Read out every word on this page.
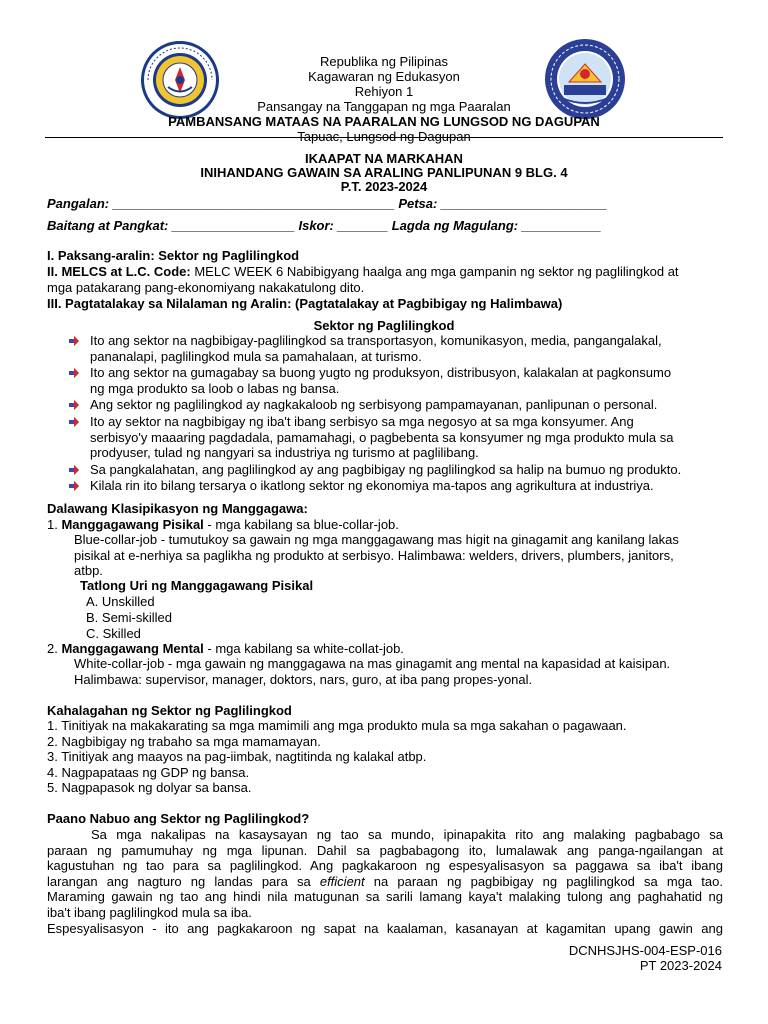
Republika ng Pilipinas
Kagawaran ng Edukasyon
Rehiyon 1
Pansangay na Tanggapan ng mga Paaralan
PAMBANSANG MATAAS NA PAARALAN NG LUNGSOD NG DAGUPAN
Tapuac, Lungsod ng Dagupan
IKAAPAT NA MARKAHAN
INIHANDANG GAWAIN SA ARALING PANLIPUNAN 9 BLG. 4
P.T. 2023-2024
Pangalan: _______________________________________ Petsa: _______________________
Baitang at Pangkat: _________________ Iskor: _______ Lagda ng Magulang: ___________
I. Paksang-aralin: Sektor ng Paglilingkod
II. MELCS at L.C. Code: MELC WEEK 6 Nabibigyang haalga ang mga gampanin ng sektor ng paglilingkod at
mga patakarang pang-ekonomiyang nakakatulong dito.
III. Pagtatalakay sa Nilalaman ng Aralin: (Pagtatalakay at Pagbibigay ng Halimbawa)
Sektor ng Paglilingkod
Ito ang sektor na nagbibigay-paglilingkod sa transportasyon, komunikasyon, media, pangangalakal,
pananalapi, paglilingkod mula sa pamahalaan, at turismo.
Ito ang sektor na gumagabay sa buong yugto ng produksyon, distribusyon, kalakalan at pagkonsumo
ng mga produkto sa loob o labas ng bansa.
Ang sektor ng paglilingkod ay nagkakaloob ng serbisyong pampamayanan, panlipunan o personal.
Ito ay sektor na nagbibigay ng iba't ibang serbisyo sa mga negosyo at sa mga konsyumer. Ang
serbisyo'y maaaring pagdadala, pamamahagi, o pagbebenta sa konsyumer ng mga produkto mula sa
prodyuser, tulad ng nangyari sa industriya ng turismo at paglilibang.
Sa pangkalahatan, ang paglilingkod ay ang pagbibigay ng paglilingkod sa halip na bumuo ng produkto.
Kilala rin ito bilang tersarya o ikatlong sektor ng ekonomiya ma-tapos ang agrikultura at industriya.
Dalawang Klasipikasyon ng Manggagawa:
1. Manggagawang Pisikal - mga kabilang sa blue-collar-job.
Blue-collar-job - tumutukoy sa gawain ng mga manggagawang mas higit na ginagamit ang kanilang lakas
pisikal at e-nerhiya sa paglikha ng produkto at serbisyo. Halimbawa: welders, drivers, plumbers, janitors,
atbp.
Tatlong Uri ng Manggagawang Pisikal
A. Unskilled
B. Semi-skilled
C. Skilled
2. Manggagawang Mental - mga kabilang sa white-collat-job.
White-collar-job - mga gawain ng manggagawa na mas ginagamit ang mental na kapasidad at kaisipan.
Halimbawa: supervisor, manager, doktors, nars, guro, at iba pang propes-yonal.
Kahalagahan ng Sektor ng Paglilingkod
1. Tinitiyak na makakarating sa mga mamimili ang mga produkto mula sa mga sakahan o pagawaan.
2. Nagbibigay ng trabaho sa mga mamamayan.
3. Tinitiyak ang maayos na pag-iimbak, nagtitinda ng kalakal atbp.
4. Nagpapataas ng GDP ng bansa.
5. Nagpapasok ng dolyar sa bansa.
Paano Nabuo ang Sektor ng Paglilingkod?
Sa mga nakalipas na kasaysayan ng tao sa mundo, ipinapakita rito ang malaking pagbabago sa
paraan ng pamumuhay ng mga lipunan. Dahil sa pagbabagong ito, lumalawak ang panga-ngailangan at
kagustuhan ng tao para sa paglilingkod. Ang pagkakaroon ng espesyalisasyon sa paggawa sa iba't ibang
larangan ang nagturo ng landas para sa efficient na paraan ng pagbibigay ng paglilingkod sa mga tao.
Maraming gawain ng tao ang hindi nila matugunan sa sarili lamang kaya't malaking tulong ang paghahatid ng
iba't ibang paglilingkod mula sa iba.
Espesyalisasyon - ito ang pagkakaroon ng sapat na kaalaman, kasanayan at kagamitan upang gawin ang
DCNHSJHS-004-ESP-016
PT 2023-2024
